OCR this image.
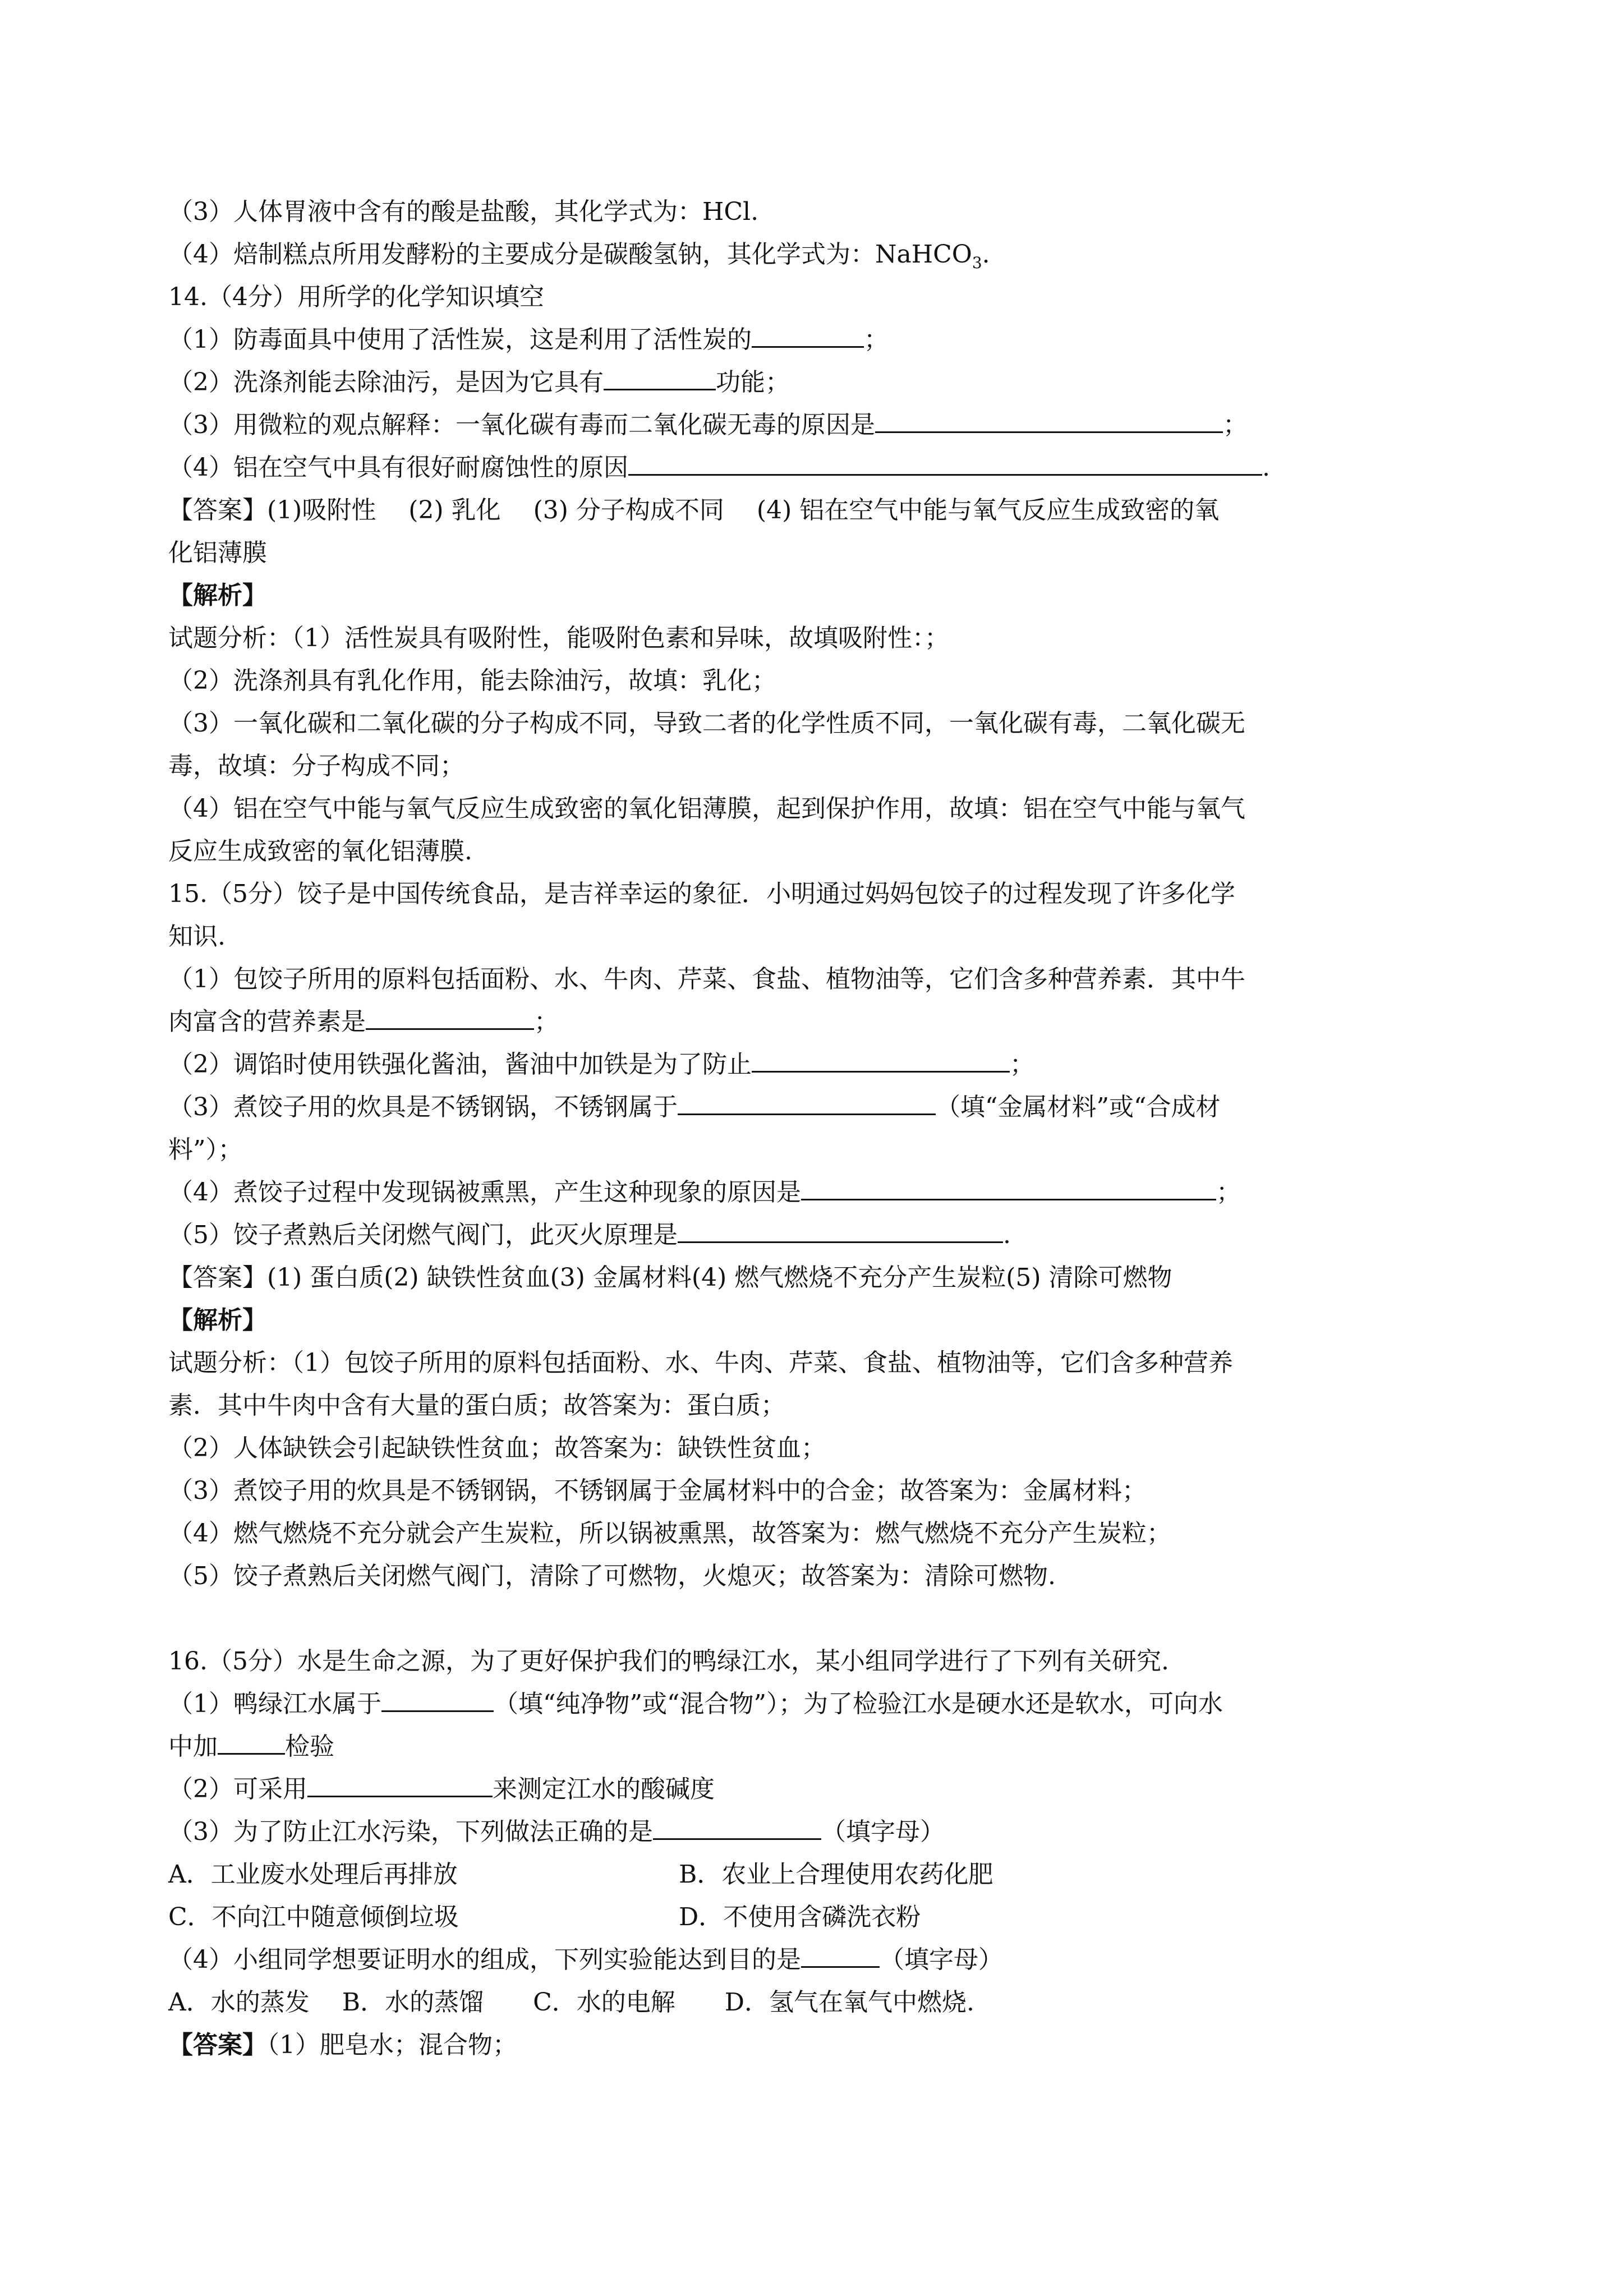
（3）人体胃液中含有的酸是盐酸，其化学式为：HCl.
（4）焙制糕点所用发酵粉的主要成分是碳酸氢钠，其化学式为：NaHCO$_3$.
14.（4分）用所学的化学知识填空
（1）防毒面具中使用了活性炭，这是利用了活性炭的	；
（2）洗涤剂能去除油污，是因为它具有	功能；
（3）用微粒的观点解释：一氧化碳有毒而二氧化碳无毒的原因是	；
（4）铝在空气中具有很好耐腐蚀性的原因	.
【答案】(1)吸附性　 (2) 乳化　 (3) 分子构成不同　 (4) 铝在空气中能与氧气反应生成致密的氧
化铝薄膜
【解析】
试题分析：（1）活性炭具有吸附性，能吸附色素和异味，故填吸附性：；
（2）洗涤剂具有乳化作用，能去除油污，故填：乳化；
（3）一氧化碳和二氧化碳的分子构成不同，导致二者的化学性质不同，一氧化碳有毒，二氧化碳无
毒，故填：分子构成不同；
（4）铝在空气中能与氧气反应生成致密的氧化铝薄膜，起到保护作用，故填：铝在空气中能与氧气
反应生成致密的氧化铝薄膜.
15.（5分）饺子是中国传统食品，是吉祥幸运的象征．小明通过妈妈包饺子的过程发现了许多化学
知识.
（1）包饺子所用的原料包括面粉、水、牛肉、芹菜、食盐、植物油等，它们含多种营养素．其中牛
肉富含的营养素是	；
（2）调馅时使用铁强化酱油，酱油中加铁是为了防止	；
（3）煮饺子用的炊具是不锈钢锅，不锈钢属于	（填“金属材料”或“合成材
料”）；
（4）煮饺子过程中发现锅被熏黑，产生这种现象的原因是	；
（5）饺子煮熟后关闭燃气阀门，此灭火原理是	.
【答案】(1) 蛋白质(2) 缺铁性贫血(3) 金属材料(4) 燃气燃烧不充分产生炭粒(5) 清除可燃物
【解析】
试题分析：（1）包饺子所用的原料包括面粉、水、牛肉、芹菜、食盐、植物油等，它们含多种营养
素．其中牛肉中含有大量的蛋白质；故答案为：蛋白质；
（2）人体缺铁会引起缺铁性贫血；故答案为：缺铁性贫血；
（3）煮饺子用的炊具是不锈钢锅，不锈钢属于金属材料中的合金；故答案为：金属材料；
（4）燃气燃烧不充分就会产生炭粒，所以锅被熏黑，故答案为：燃气燃烧不充分产生炭粒；
（5）饺子煮熟后关闭燃气阀门，清除了可燃物，火熄灭；故答案为：清除可燃物.
16.（5分）水是生命之源，为了更好保护我们的鸭绿江水，某小组同学进行了下列有关研究.
（1）鸭绿江水属于	（填“纯净物”或“混合物”）；为了检验江水是硬水还是软水，可向水
中加	检验
（2）可采用	来测定江水的酸碱度
（3）为了防止江水污染，下列做法正确的是	（填字母）
A．工业废水处理后再排放	B．农业上合理使用农药化肥
C．不向江中随意倾倒垃圾	D．不使用含磷洗衣粉
（4）小组同学想要证明水的组成，下列实验能达到目的是	（填字母）
A．水的蒸发　 B．水的蒸馏　　C．水的电解　　D．氢气在氧气中燃烧.
【答案】（1）肥皂水；混合物；
